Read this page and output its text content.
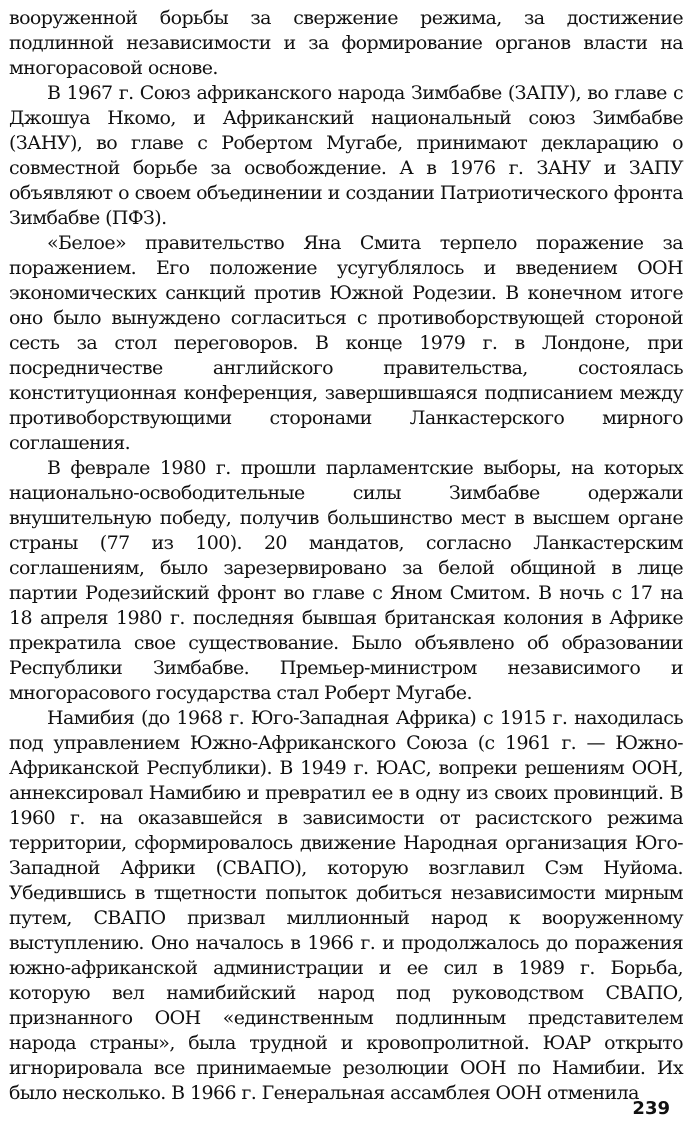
вооруженной борьбы за свержение режима, за достижение подлинной независимости и за формирование органов власти на многорасовой основе.

В 1967 г. Союз африканского народа Зимбабве (ЗАПУ), во главе с Джошуа Нкомо, и Африканский национальный союз Зимбабве (ЗАНУ), во главе с Робертом Мугабе, принимают декларацию о совместной борьбе за освобождение. А в 1976 г. ЗАНУ и ЗАПУ объявляют о своем объединении и создании Патриотического фронта Зимбабве (ПФЗ).

«Белое» правительство Яна Смита терпело поражение за поражением. Его положение усугублялось и введением ООН экономических санкций против Южной Родезии. В конечном итоге оно было вынуждено согласиться с противоборствующей стороной сесть за стол переговоров. В конце 1979 г. в Лондоне, при посредничестве английского правительства, состоялась конституционная конференция, завершившаяся подписанием между противоборствующими сторонами Ланкастерского мирного соглашения.

В феврале 1980 г. прошли парламентские выборы, на которых национально-освободительные силы Зимбабве одержали внушительную победу, получив большинство мест в высшем органе страны (77 из 100). 20 мандатов, согласно Ланкастерским соглашениям, было зарезервировано за белой общиной в лице партии Родезийский фронт во главе с Яном Смитом. В ночь с 17 на 18 апреля 1980 г. последняя бывшая британская колония в Африке прекратила свое существование. Было объявлено об образовании Республики Зимбабве. Премьер-министром независимого и многорасового государства стал Роберт Мугабе.

Намибия (до 1968 г. Юго-Западная Африка) с 1915 г. находилась под управлением Южно-Африканского Союза (с 1961 г. — Южно-Африканской Республики). В 1949 г. ЮАС, вопреки решениям ООН, аннексировал Намибию и превратил ее в одну из своих провинций. В 1960 г. на оказавшейся в зависимости от расистского режима территории, сформировалось движение Народная организация Юго-Западной Африки (СВАПО), которую возглавил Сэм Нуйома. Убедившись в тщетности попыток добиться независимости мирным путем, СВАПО призвал миллионный народ к вооруженному выступлению. Оно началось в 1966 г. и продолжалось до поражения южно-африканской администрации и ее сил в 1989 г. Борьба, которую вел намибийский народ под руководством СВАПО, признанного ООН «единственным подлинным представителем народа страны», была трудной и кровопролитной. ЮАР открыто игнорировала все принимаемые резолюции ООН по Намибии. Их было несколько. В 1966 г. Генеральная ассамблея ООН отменила

239
